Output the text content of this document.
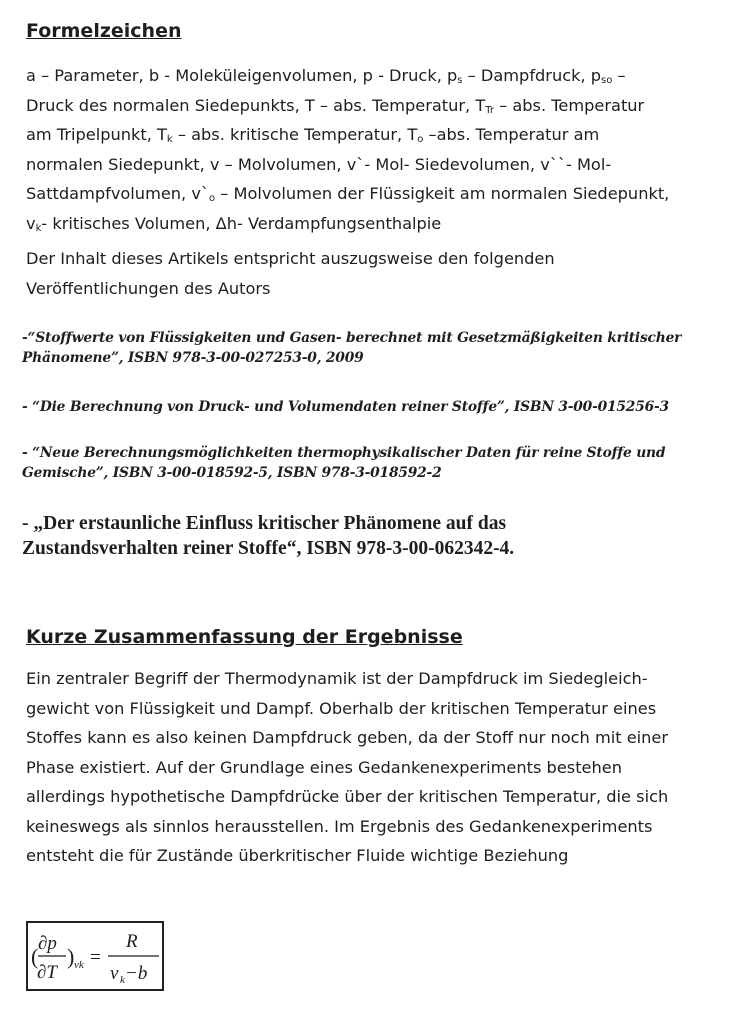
Formelzeichen
a – Parameter, b - Moleküleigenvolumen, p - Druck, $p_s$ – Dampfdruck, $p_{so}$ –
Druck des normalen Siedepunkts, T – abs. Temperatur, $T_{Tr}$ – abs. Temperatur
am Tripelpunkt, $T_k$ – abs. kritische Temperatur, $T_o$ –abs. Temperatur am
normalen Siedepunkt, v – Molvolumen, v`- Mol- Siedevolumen, v``- Mol-
Sattdampfvolumen, $v`_o$ – Molvolumen der Flüssigkeit am normalen Siedepunkt,
$v_k-$ kritisches Volumen, Δh- Verdampfungsenthalpie
Der Inhalt dieses Artikels entspricht auszugsweise den folgenden
Veröffentlichungen des Autors
-“Stoffwerte von Flüssigkeiten und Gasen- berechnet mit Gesetzmäßigkeiten kritischer
Phänomene”, ISBN 978-3-00-027253-0, 2009
- “Die Berechnung von Druck- und Volumendaten reiner Stoffe”, ISBN 3-00-015256-3
- “Neue Berechnungsmöglichkeiten thermophysikalischer Daten für reine Stoffe und
Gemische”, ISBN 3-00-018592-5, ISBN 978-3-018592-2
- „Der erstaunliche Einfluss kritischer Phänomene auf das
Zustandsverhalten reiner Stoffe“, ISBN 978-3-00-062342-4.
Kurze Zusammenfassung der Ergebnisse
Ein zentraler Begriff der Thermodynamik ist der Dampfdruck im Siedegleich-
gewicht von Flüssigkeit und Dampf. Oberhalb der kritischen Temperatur eines
Stoffes kann es also keinen Dampfdruck geben, da der Stoff nur noch mit einer
Phase existiert. Auf der Grundlage eines Gedankenexperiments bestehen
allerdings hypothetische Dampfdrücke über der kritischen Temperatur, die sich
keineswegs als sinnlos herausstellen. Im Ergebnis des Gedankenexperiments
entsteht die für Zustände überkritischer Fluide wichtige Beziehung
(
∂p
∂T
) vk =
R
v k −b
